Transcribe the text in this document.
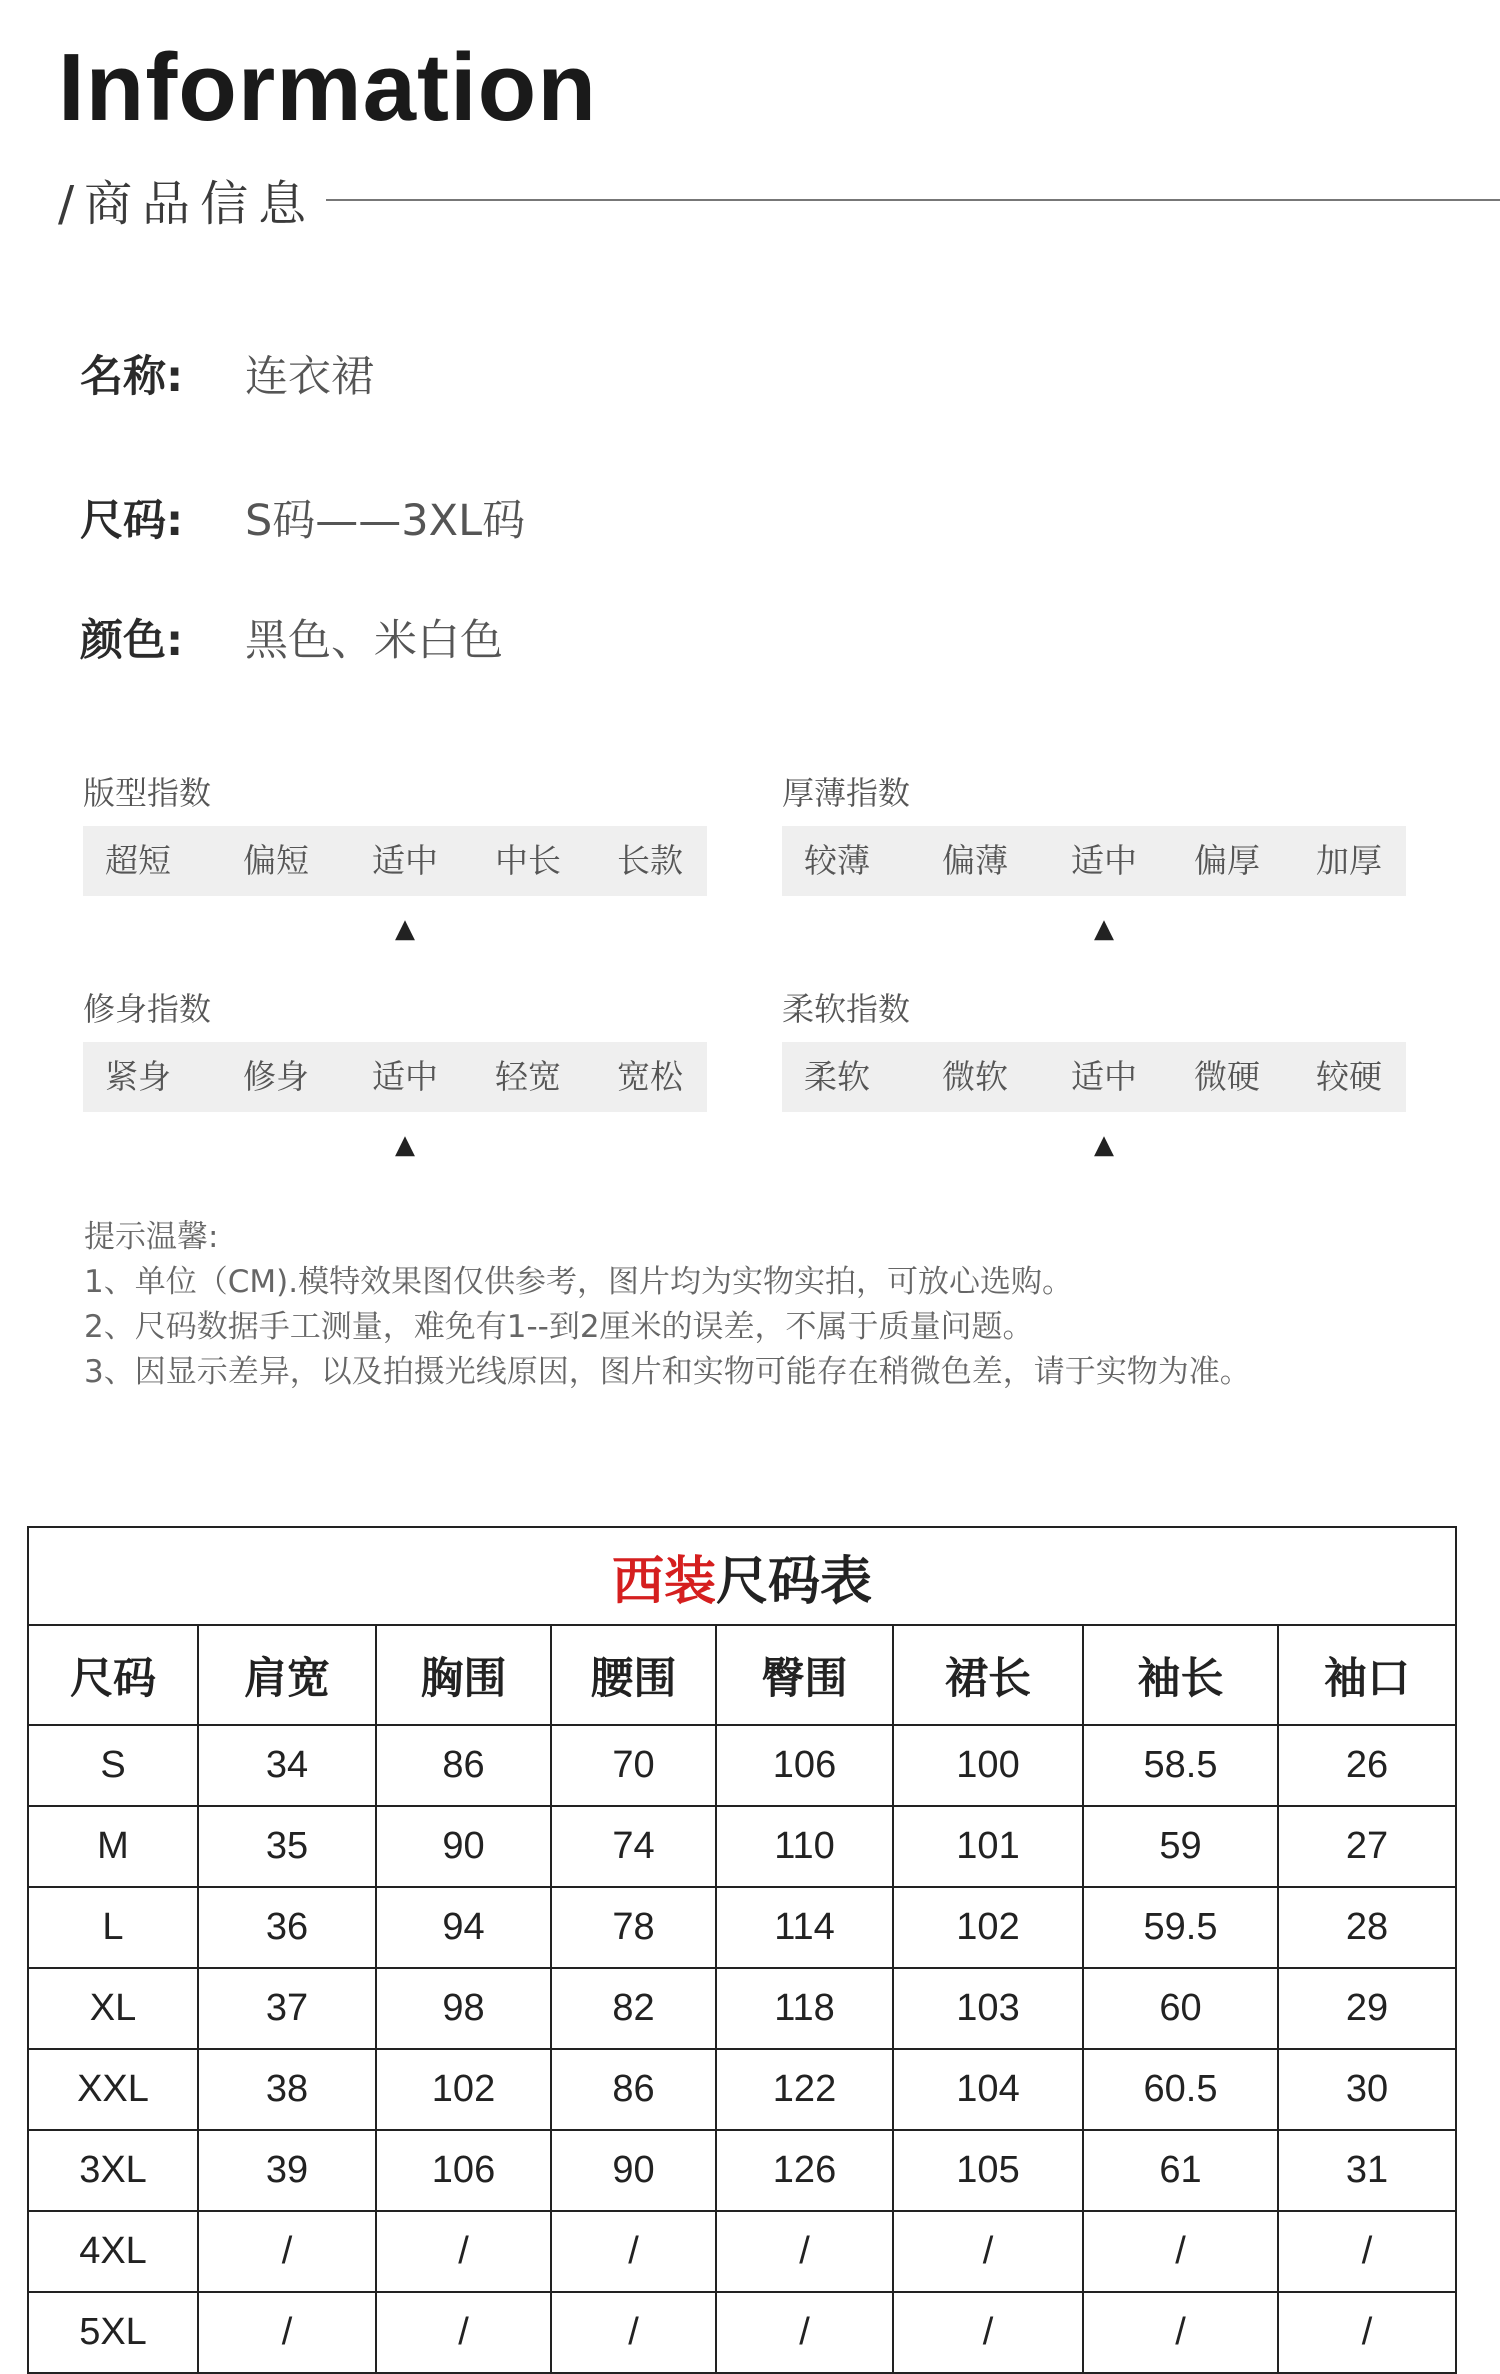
Information
/商品信息
名称:	连衣裙
尺码:	S码——3XL码
颜色:	黑色、米白色
版型指数
超短 偏短 适中 中长 长款
▲
厚薄指数
较薄 偏薄 适中 偏厚 加厚
▲
修身指数
紧身 修身 适中 轻宽 宽松
▲
柔软指数
柔软 微软 适中 微硬 较硬
▲
提示温馨:
1、单位（CM).模特效果图仅供参考，图片均为实物实拍，可放心选购。
2、尺码数据手工测量，难免有1--到2厘米的误差，不属于质量问题。
3、因显示差异，以及拍摄光线原因，图片和实物可能存在稍微色差，请于实物为准。
西装尺码表							
尺码	肩宽	胸围	腰围	臀围	裙长	袖长	袖口
S	34	86	70	106	100	58.5	26
M	35	90	74	110	101	59	27
L	36	94	78	114	102	59.5	28
XL	37	98	82	118	103	60	29
XXL	38	102	86	122	104	60.5	30
3XL	39	106	90	126	105	61	31
4XL	/	/	/	/	/	/	/
5XL	/	/	/	/	/	/	/
